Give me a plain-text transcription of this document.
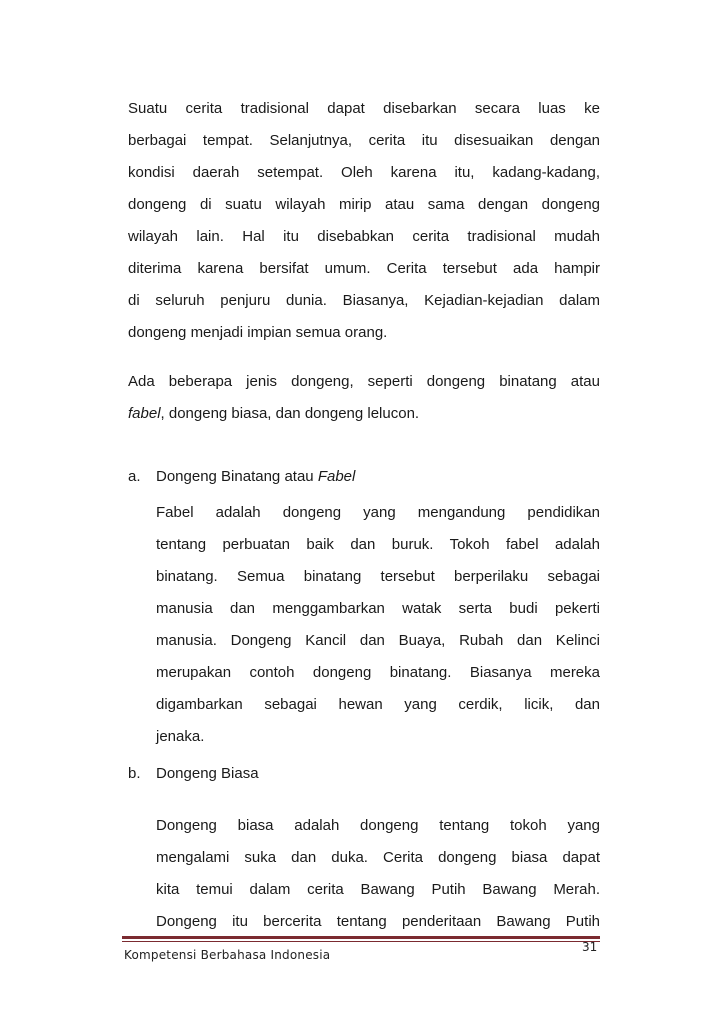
Suatu cerita tradisional dapat disebarkan secara luas ke
berbagai tempat. Selanjutnya, cerita itu disesuaikan dengan
kondisi daerah setempat. Oleh karena itu, kadang-kadang,
dongeng di suatu wilayah mirip atau sama dengan dongeng
wilayah lain. Hal itu disebabkan cerita tradisional mudah
diterima karena bersifat umum. Cerita tersebut ada hampir
di seluruh penjuru dunia. Biasanya, Kejadian-kejadian dalam
dongeng menjadi impian semua orang.
Ada beberapa jenis dongeng, seperti dongeng binatang atau
fabel, dongeng biasa, dan dongeng lelucon.
a. Dongeng Binatang atau Fabel
Fabel adalah dongeng yang mengandung pendidikan
tentang perbuatan baik dan buruk. Tokoh fabel adalah
binatang. Semua binatang tersebut berperilaku sebagai
manusia dan menggambarkan watak serta budi pekerti
manusia. Dongeng Kancil dan Buaya, Rubah dan Kelinci
merupakan contoh dongeng binatang. Biasanya mereka
digambarkan sebagai hewan yang cerdik, licik, dan
jenaka.
b. Dongeng Biasa
Dongeng biasa adalah dongeng tentang tokoh yang
mengalami suka dan duka. Cerita dongeng biasa dapat
kita temui dalam cerita Bawang Putih Bawang Merah.
Dongeng itu bercerita tentang penderitaan Bawang Putih
Kompetensi Berbahasa Indonesia
31
